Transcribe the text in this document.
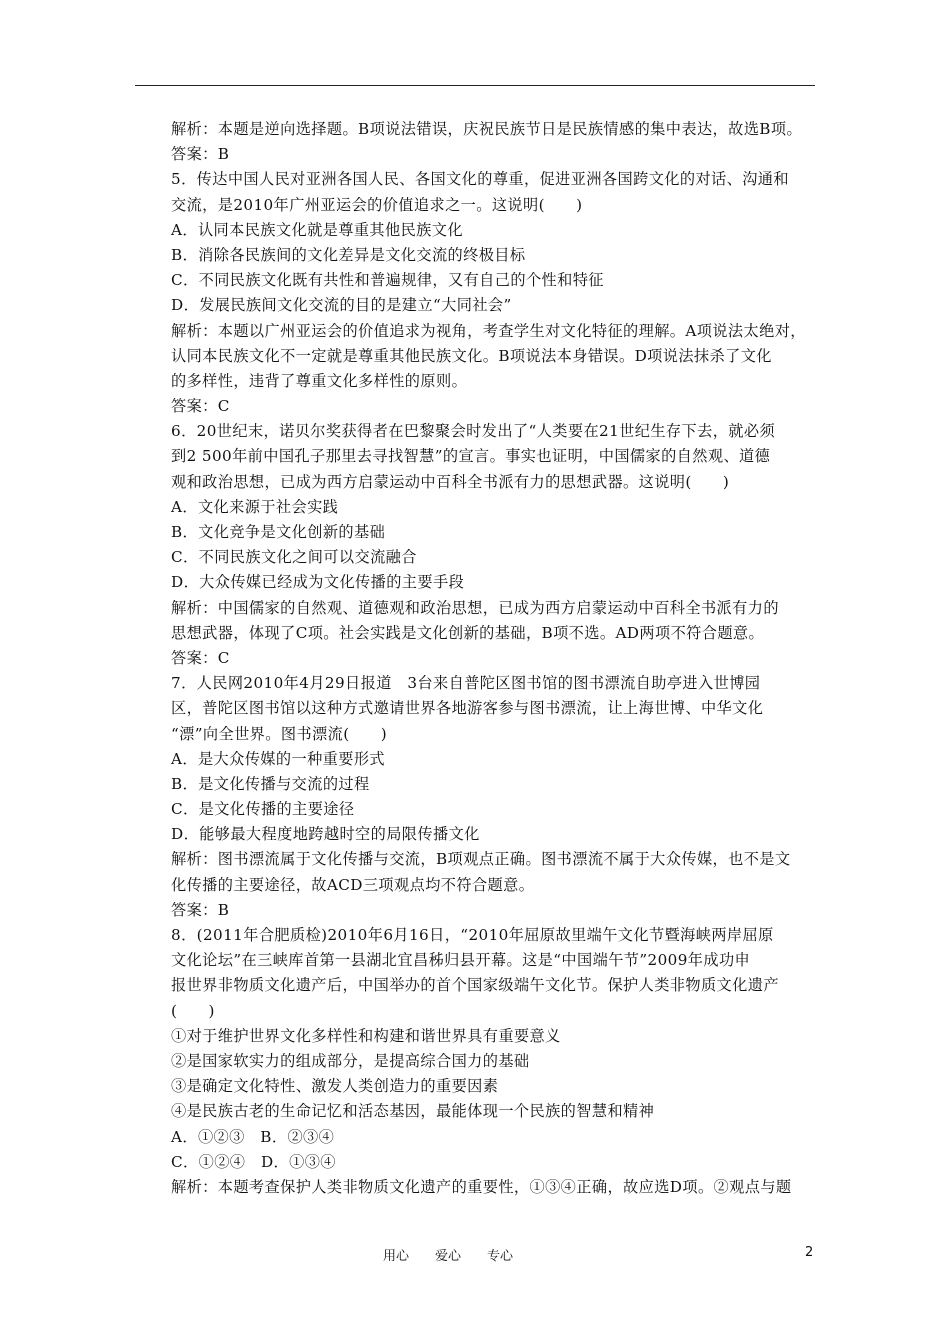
解析：本题是逆向选择题。B项说法错误，庆祝民族节日是民族情感的集中表达，故选B项。
答案：B
5．传达中国人民对亚洲各国人民、各国文化的尊重，促进亚洲各国跨文化的对话、沟通和
交流，是2010年广州亚运会的价值追求之一。这说明(　　)
A．认同本民族文化就是尊重其他民族文化
B．消除各民族间的文化差异是文化交流的终极目标
C．不同民族文化既有共性和普遍规律，又有自己的个性和特征
D．发展民族间文化交流的目的是建立“大同社会”
解析：本题以广州亚运会的价值追求为视角，考查学生对文化特征的理解。A项说法太绝对，
认同本民族文化不一定就是尊重其他民族文化。B项说法本身错误。D项说法抹杀了文化
的多样性，违背了尊重文化多样性的原则。
答案：C
6．20世纪末，诺贝尔奖获得者在巴黎聚会时发出了“人类要在21世纪生存下去，就必须
到2 500年前中国孔子那里去寻找智慧”的宣言。事实也证明，中国儒家的自然观、道德
观和政治思想，已成为西方启蒙运动中百科全书派有力的思想武器。这说明(　　)
A．文化来源于社会实践
B．文化竞争是文化创新的基础
C．不同民族文化之间可以交流融合
D．大众传媒已经成为文化传播的主要手段
解析：中国儒家的自然观、道德观和政治思想，已成为西方启蒙运动中百科全书派有力的
思想武器，体现了C项。社会实践是文化创新的基础，B项不选。AD两项不符合题意。
答案：C
7．人民网2010年4月29日报道　3台来自普陀区图书馆的图书漂流自助亭进入世博园
区，普陀区图书馆以这种方式邀请世界各地游客参与图书漂流，让上海世博、中华文化
“漂”向全世界。图书漂流(　　)
A．是大众传媒的一种重要形式
B．是文化传播与交流的过程
C．是文化传播的主要途径
D．能够最大程度地跨越时空的局限传播文化
解析：图书漂流属于文化传播与交流，B项观点正确。图书漂流不属于大众传媒，也不是文
化传播的主要途径，故ACD三项观点均不符合题意。
答案：B
8．(2011年合肥质检)2010年6月16日，“2010年屈原故里端午文化节暨海峡两岸屈原
文化论坛”在三峡库首第一县湖北宜昌秭归县开幕。这是“中国端午节”2009年成功申
报世界非物质文化遗产后，中国举办的首个国家级端午文化节。保护人类非物质文化遗产
(　　)
①对于维护世界文化多样性和构建和谐世界具有重要意义
②是国家软实力的组成部分，是提高综合国力的基础
③是确定文化特性、激发人类创造力的重要因素
④是民族古老的生命记忆和活态基因，最能体现一个民族的智慧和精神
A．①②③　B．②③④
C．①②④　D．①③④
解析：本题考查保护人类非物质文化遗产的重要性，①③④正确，故应选D项。②观点与题
用心　　爱心　　专心	2
